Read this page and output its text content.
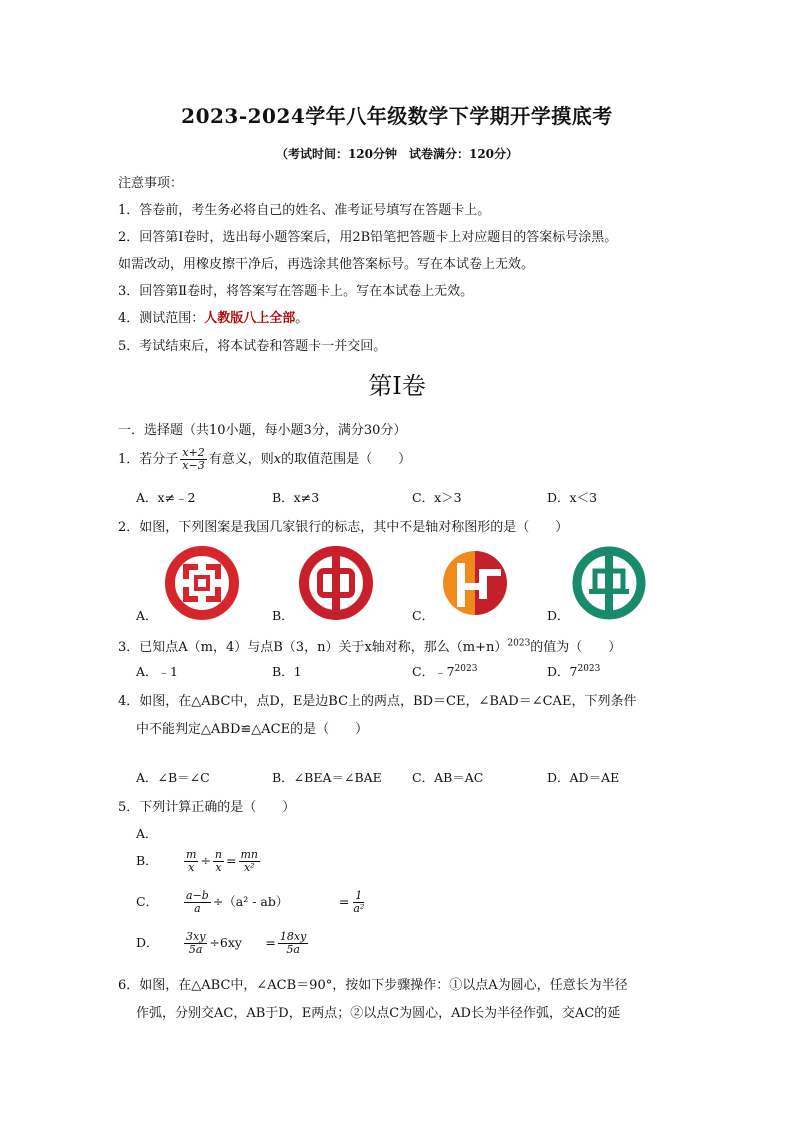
2023-2024学年八年级数学下学期开学摸底考
（考试时间：120分钟　试卷满分：120分）
注意事项：
1．答卷前，考生务必将自己的姓名、准考证号填写在答题卡上。
2．回答第Ⅰ卷时，选出每小题答案后，用2B铅笔把答题卡上对应题目的答案标号涂黑。
如需改动，用橡皮擦干净后，再选涂其他答案标号。写在本试卷上无效。
3．回答第Ⅱ卷时，将答案写在答题卡上。写在本试卷上无效。
4．测试范围：人教版八上全部。
5．考试结束后，将本试卷和答题卡一并交回。
第Ⅰ卷
一．选择题（共10小题，每小题3分，满分30分）
1．若分子 $\frac{x+2}{x-3}$ 有意义，则x的取值范围是（　　）
A．x≠﹣2	B．x≠3	C．x＞3	D．x＜3
2．如图，下列图案是我国几家银行的标志，其中不是轴对称图形的是（　　）
A．	B．	C．	D．
3．已知点A（m，4）与点B（3，n）关于x轴对称，那么$(m+n)^{2023}$的值为（　　）
A．﹣1	B．1	C．$﹣7^{2023}$	D．$7^{2023}$
4．如图，在△ABC中，点D，E是边BC上的两点，BD＝CE，∠BAD＝∠CAE，下列条件
中不能判定△ABD≌△ACE的是（　　）
A．∠B＝∠C	B．∠BEA＝∠BAE C．AB＝AC	D．AD＝AE
5．下列计算正确的是（　　）
A．
B． $\frac{m}{x} \div \frac{n}{x} = \frac{mn}{\text{x²}}$
C． $\frac{a-b}{a} \div(a^2 - ab)$	= $\frac{1}{\text{a²}}$
D． $\frac{3xy}{5a} \div 6xy = \frac{18xy}{5a}$
6．如图，在△ABC中，∠ACB＝90°，按如下步骤操作：①以点A为圆心，任意长为半径
作弧，分别交AC，AB于D，E两点；②以点C为圆心，AD长为半径作弧，交AC的延
